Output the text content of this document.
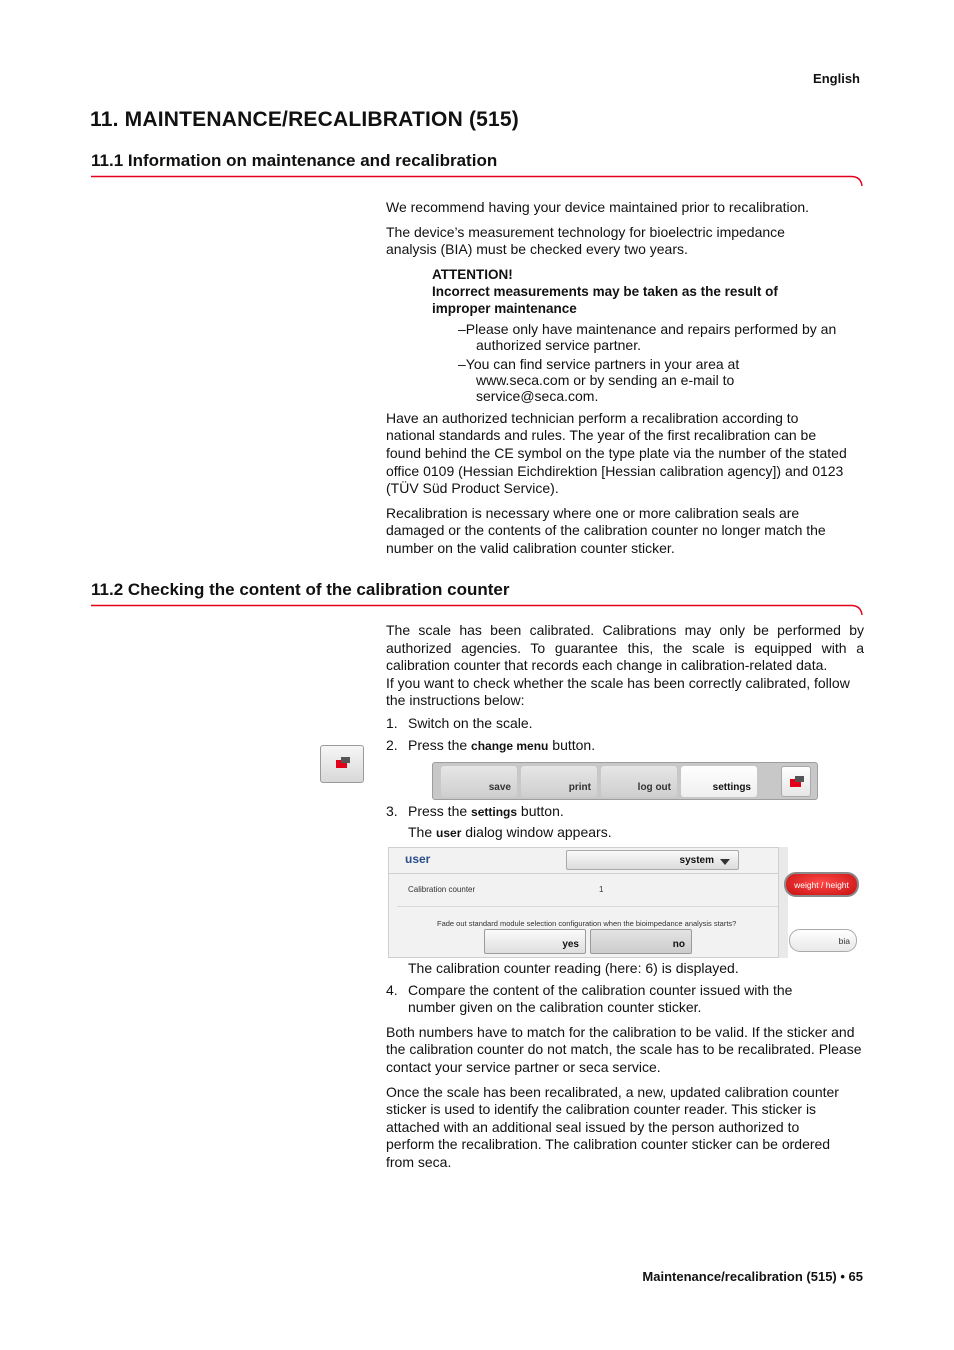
English
11. MAINTENANCE/RECALIBRATION (515)
11.1 Information on maintenance and recalibration
We recommend having your device maintained prior to recalibration.
The device’s measurement technology for bioelectric impedance analysis (BIA) must be checked every two years.
ATTENTION!
Incorrect measurements may be taken as the result of improper maintenance
–Please only have maintenance and repairs performed by an authorized service partner.
–You can find service partners in your area at www.seca.com or by sending an e-mail to service@seca.com.
Have an authorized technician perform a recalibration according to national standards and rules. The year of the first recalibration can be found behind the CE symbol on the type plate via the number of the stated office 0109 (Hessian Eichdirektion [Hessian calibration agency]) and 0123 (TÜV Süd Product Service).
Recalibration is necessary where one or more calibration seals are damaged or the contents of the calibration counter no longer match the number on the valid calibration counter sticker.
11.2 Checking the content of the calibration counter
The scale has been calibrated. Calibrations may only be performed by authorized agencies. To guarantee this, the scale is equipped with a calibration counter that records each change in calibration-related data.
If you want to check whether the scale has been correctly calibrated, follow the instructions below:
1. Switch on the scale.
2. Press the change menu button.
save	print	log out	settings
3. Press the settings button.
The user dialog window appears.
user	system
Calibration counter	1
Fade out standard module selection configuration when the bioimpedance analysis starts?
yes	no
weight / height
bia
The calibration counter reading (here: 6) is displayed.
4. Compare the content of the calibration counter issued with the number given on the calibration counter sticker.
Both numbers have to match for the calibration to be valid. If the sticker and the calibration counter do not match, the scale has to be recalibrated. Please contact your service partner or seca service.
Once the scale has been recalibrated, a new, updated calibration counter sticker is used to identify the calibration counter reader. This sticker is attached with an additional seal issued by the person authorized to perform the recalibration. The calibration counter sticker can be ordered from seca.
Maintenance/recalibration (515) • 65
